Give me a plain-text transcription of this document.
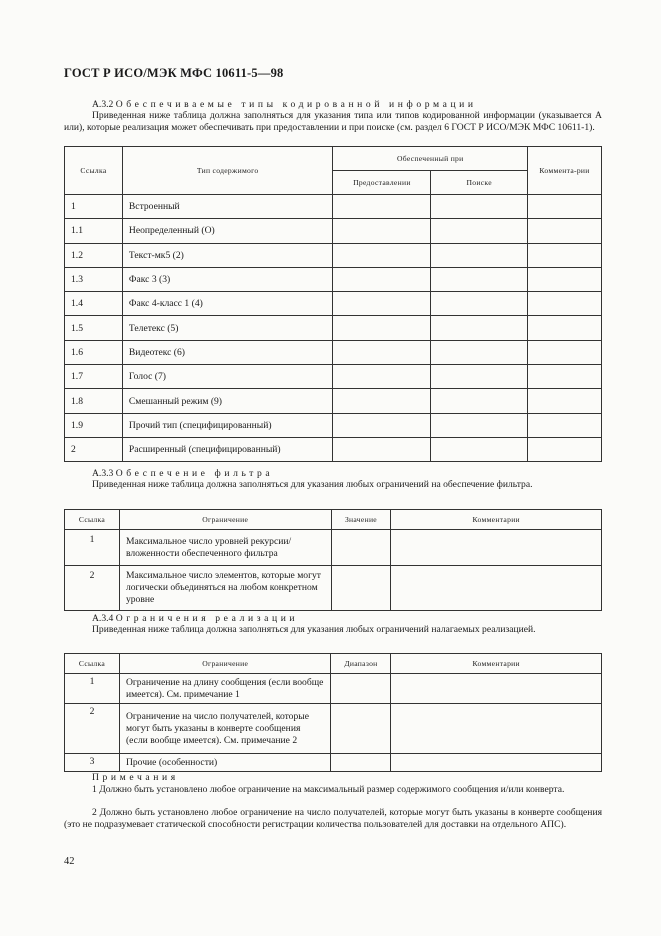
ГОСТ Р ИСО/МЭК МФС 10611-5—98
А.3.2 Обеспечиваемые типы кодированной информации
Приведенная ниже таблица должна заполняться для указания типа или типов кодированной информации (указывается А или), которые реализация может обеспечивать при предоставлении и при поиске (см. раздел 6 ГОСТ Р ИСО/МЭК МФС 10611-1).
Ссылка	Тип содержимого	Обеспеченный при		Коммента-рии
		Предоставлении	Поиске	
1	Встроенный			
1.1	Неопределенный (О)			
1.2	Текст-мк5 (2)			
1.3	Факс 3 (3)			
1.4	Факс 4-класс 1 (4)			
1.5	Телетекс (5)			
1.6	Видеотекс (6)			
1.7	Голос (7)			
1.8	Смешанный режим (9)			
1.9	Прочий тип (специфицированный)			
2	Расширенный (специфицированный)			
А.3.3 Обеспечение фильтра
Приведенная ниже таблица должна заполняться для указания любых ограничений на обеспечение фильтра.
Ссылка	Ограничение	Значение	Комментарии
1	Максимальное число уровней рекурсии/ вложенности обеспеченного фильтра		
2	Максимальное число элементов, которые могут логически объединяться на любом конкретном уровне		
А.3.4 Ограничения реализации
Приведенная ниже таблица должна заполняться для указания любых ограничений налагаемых реализацией.
Ссылка	Ограничение	Диапазон	Комментарии
1	Ограничение на длину сообщения (если вообще имеется). См. примечание 1		
2	Ограничение на число получателей, которые могут быть указаны в конверте сообщения (если вообще имеется). См. примечание 2		
3	Прочие (особенности)		
Примечания
1 Должно быть установлено любое ограничение на максимальный размер содержимого сообщения и/или конверта.
2 Должно быть установлено любое ограничение на число получателей, которые могут быть указаны в конверте сообщения (это не подразумевает статической способности регистрации количества пользователей для доставки на отдельного АПС).
42
